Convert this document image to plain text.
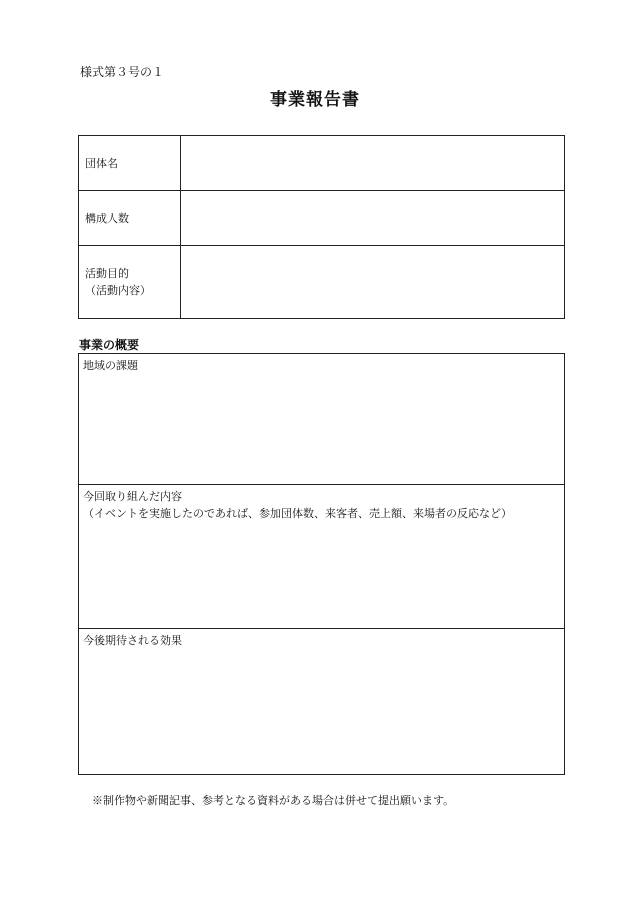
様式第３号の１
事業報告書
団体名	
構成人数	

活動目的
（活動内容）	

事業の概要
地域の課題
今回取り組んだ内容
（イベントを実施したのであれば、参加団体数、来客者、売上額、来場者の反応など）
今後期待される効果
※制作物や新聞記事、参考となる資料がある場合は併せて提出願います。
